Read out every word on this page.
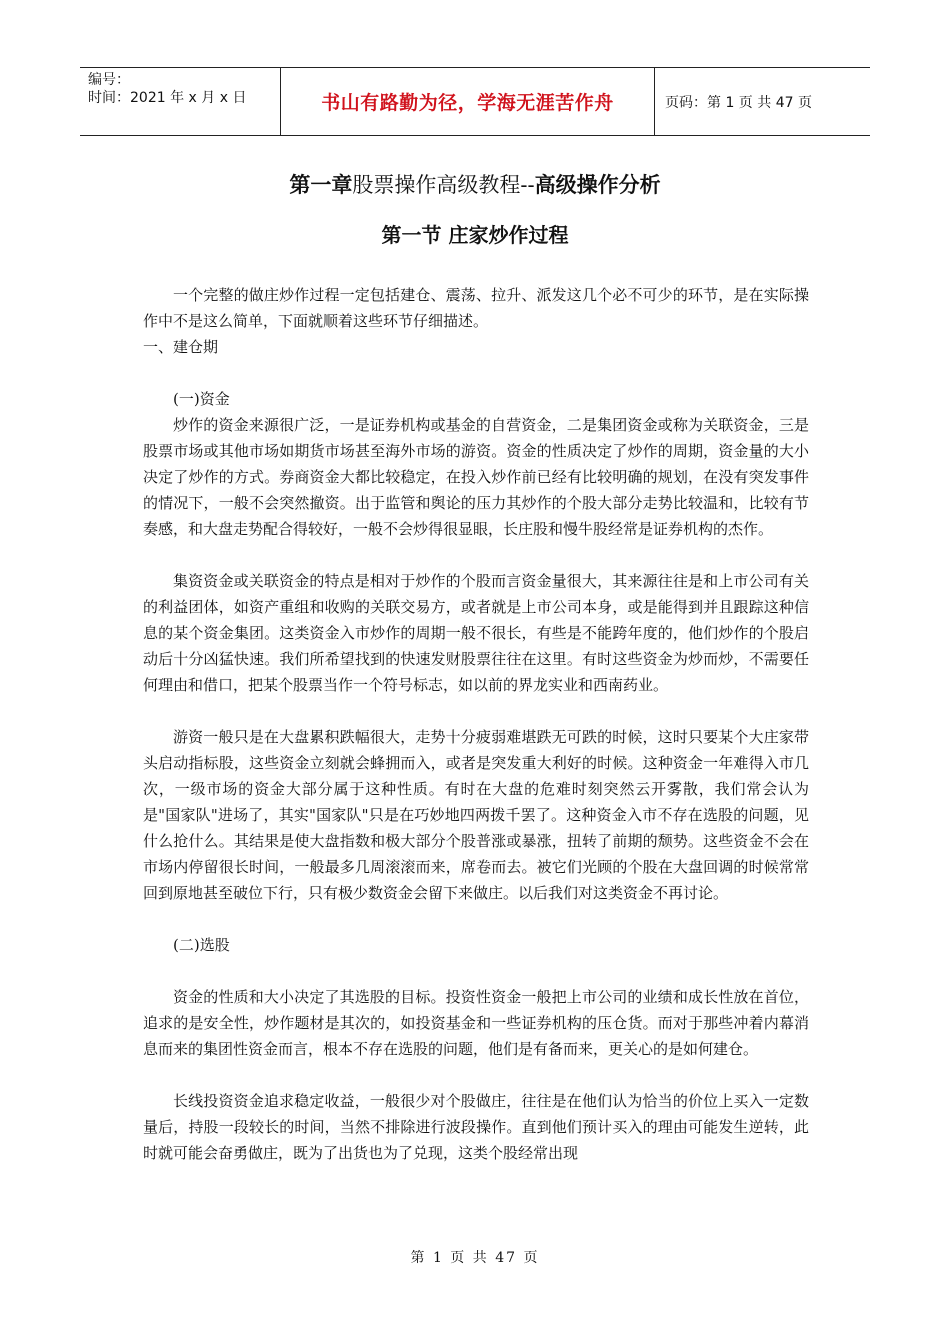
编号：
时间：2021 年 x 月 x 日	书山有路勤为径，学海无涯苦作舟	页码：第 1 页 共 47 页
第一章股票操作高级教程--高级操作分析
第一节 庄家炒作过程

一个完整的做庄炒作过程一定包括建仓、震荡、拉升、派发这几个必不可少的环节，是在实际操作中不是这么简单，下面就顺着这些环节仔细描述。

一、建仓期

(一)资金

炒作的资金来源很广泛，一是证券机构或基金的自营资金，二是集团资金或称为关联资金，三是股票市场或其他市场如期货市场甚至海外市场的游资。资金的性质决定了炒作的周期，资金量的大小决定了炒作的方式。券商资金大都比较稳定，在投入炒作前已经有比较明确的规划，在没有突发事件的情况下，一般不会突然撤资。出于监管和舆论的压力其炒作的个股大部分走势比较温和，比较有节奏感，和大盘走势配合得较好，一般不会炒得很显眼，长庄股和慢牛股经常是证券机构的杰作。

集资资金或关联资金的特点是相对于炒作的个股而言资金量很大，其来源往往是和上市公司有关的利益团体，如资产重组和收购的关联交易方，或者就是上市公司本身，或是能得到并且跟踪这种信息的某个资金集团。这类资金入市炒作的周期一般不很长，有些是不能跨年度的，他们炒作的个股启动后十分凶猛快速。我们所希望找到的快速发财股票往往在这里。有时这些资金为炒而炒，不需要任何理由和借口，把某个股票当作一个符号标志，如以前的界龙实业和西南药业。

游资一般只是在大盘累积跌幅很大，走势十分疲弱难堪跌无可跌的时候，这时只要某个大庄家带头启动指标股，这些资金立刻就会蜂拥而入，或者是突发重大利好的时候。这种资金一年难得入市几次，一级市场的资金大部分属于这种性质。有时在大盘的危难时刻突然云开雾散，我们常会认为是"国家队"进场了，其实"国家队"只是在巧妙地四两拨千罢了。这种资金入市不存在选股的问题，见什么抢什么。其结果是使大盘指数和极大部分个股普涨或暴涨，扭转了前期的颓势。这些资金不会在市场内停留很长时间，一般最多几周滚滚而来，席卷而去。被它们光顾的个股在大盘回调的时候常常回到原地甚至破位下行，只有极少数资金会留下来做庄。以后我们对这类资金不再讨论。

(二)选股

资金的性质和大小决定了其选股的目标。投资性资金一般把上市公司的业绩和成长性放在首位，追求的是安全性，炒作题材是其次的，如投资基金和一些证券机构的压仓货。而对于那些冲着内幕消息而来的集团性资金而言，根本不存在选股的问题，他们是有备而来，更关心的是如何建仓。

长线投资资金追求稳定收益，一般很少对个股做庄，往往是在他们认为恰当的价位上买入一定数量后，持股一段较长的时间，当然不排除进行波段操作。直到他们预计买入的理由可能发生逆转，此时就可能会奋勇做庄，既为了出货也为了兑现，这类个股经常出现

第 1 页 共 47 页
